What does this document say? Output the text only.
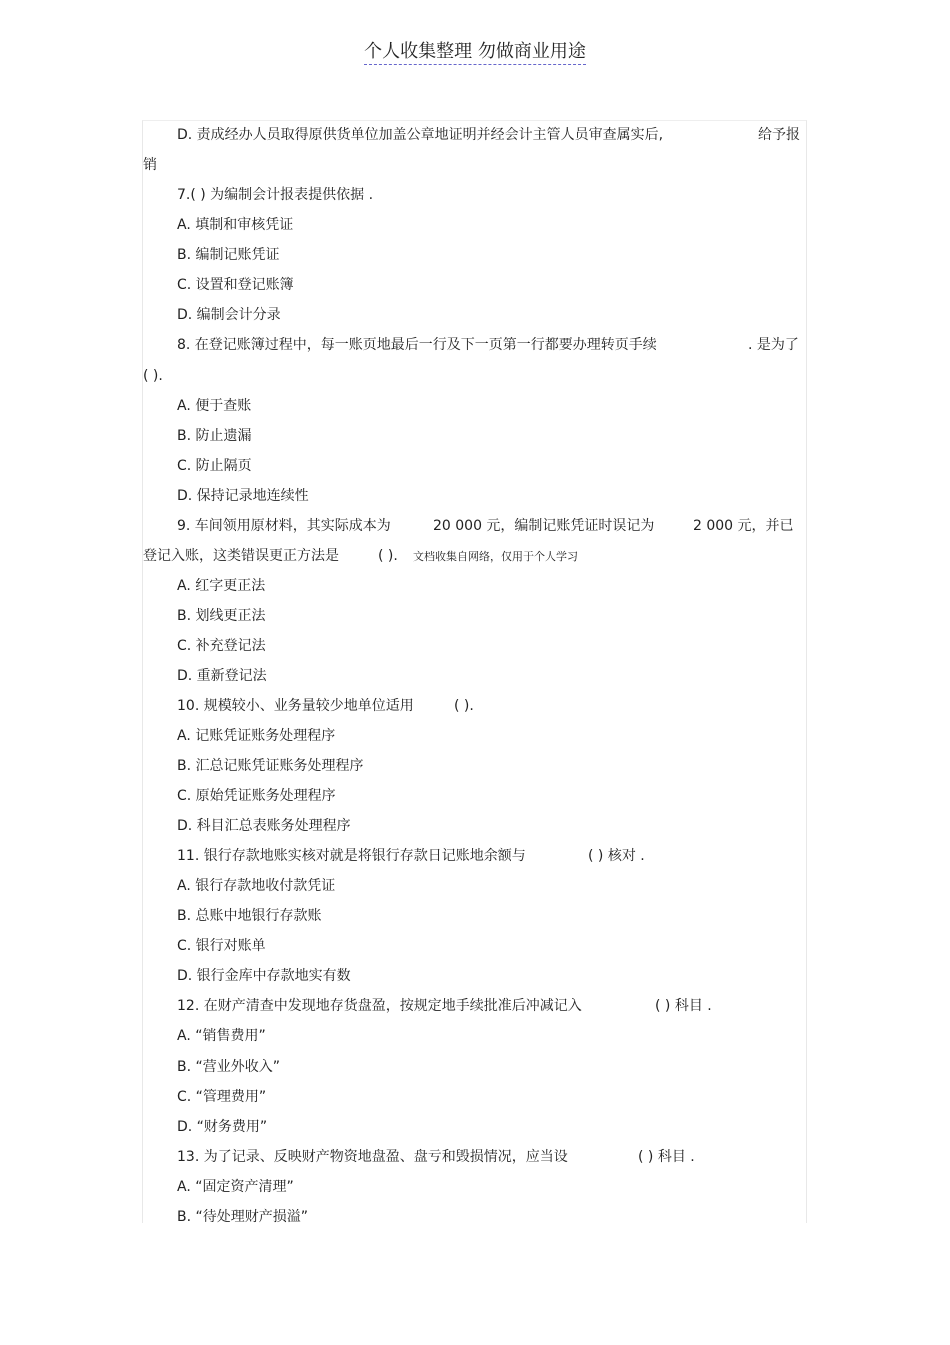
个人收集整理 勿做商业用途
D. 责成经办人员取得原供货单位加盖公章地证明并经会计主管人员审查属实后,	给予报
销
7.( ) 为编制会计报表提供依据 .
A. 填制和审核凭证
B. 编制记账凭证
C. 设置和登记账簿
D. 编制会计分录
8. 在登记账簿过程中，每一账页地最后一行及下一页第一行都要办理转页手续	. 是为了
( ).
A. 便于查账
B. 防止遗漏
C. 防止隔页
D. 保持记录地连续性
9. 车间领用原材料，其实际成本为	20 000 元，编制记账凭证时误记为	2 000 元，并已
登记入账，这类错误更正方法是	( ). 文档收集自网络，仅用于个人学习
A. 红字更正法
B. 划线更正法
C. 补充登记法
D. 重新登记法
10. 规模较小、业务量较少地单位适用	( ).
A. 记账凭证账务处理程序
B. 汇总记账凭证账务处理程序
C. 原始凭证账务处理程序
D. 科目汇总表账务处理程序
11. 银行存款地账实核对就是将银行存款日记账地余额与	( ) 核对 .
A. 银行存款地收付款凭证
B. 总账中地银行存款账
C. 银行对账单
D. 银行金库中存款地实有数
12. 在财产清查中发现地存货盘盈，按规定地手续批准后冲减记入	( ) 科目 .
A. “销售费用”
B. “营业外收入”
C. “管理费用”
D. “财务费用”
13. 为了记录、反映财产物资地盘盈、盘亏和毁损情况，应当设	( ) 科目 .
A. “固定资产清理”
B. “待处理财产损溢”
